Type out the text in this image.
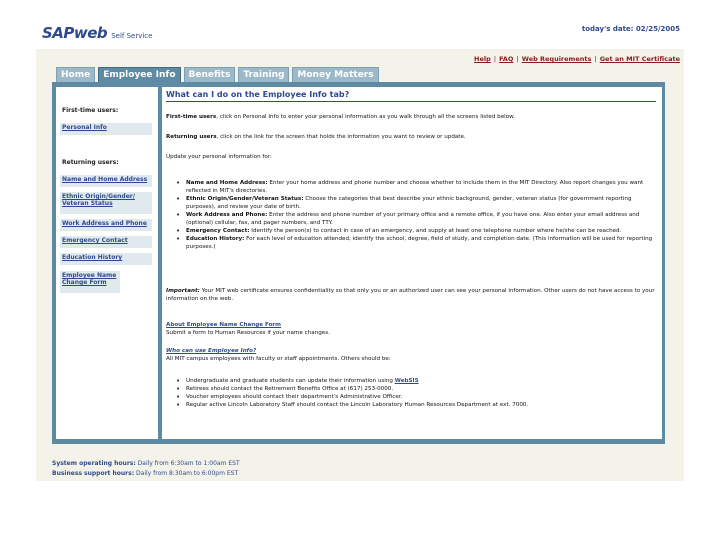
SAP web Self Service
today's date: 02/25/2005
Help | FAQ | Web Requirements | Get an MIT Certificate
Home	Employee Info	Benefits	Training	Money Matters
First-time users:
Personal Info
Returning users:
Name and Home Address
Ethnic Origin/Gender/ Veteran Status
Work Address and Phone
Emergency Contact
Education History
Employee Name Change Form
What can I do on the Employee Info tab?
First-time users, click on Personal Info to enter your personal information as you walk through all the screens listed below.
Returning users, click on the link for the screen that holds the information you want to review or update.
Update your personal information for:
• Name and Home Address: Enter your home address and phone number and choose whether to include them in the MIT Directory. Also report changes you want reflected in MIT's directories.
• Ethnic Origin/Gender/Veteran Status: Choose the categories that best describe your ethnic background, gender, veteran status (for government reporting purposes), and review your date of birth.
• Work Address and Phone: Enter the address and phone number of your primary office and a remote office, if you have one. Also enter your email address and (optional) cellular, fax, and pager numbers, and TTY.
• Emergency Contact: Identify the person(s) to contact in case of an emergency, and supply at least one telephone number where he/she can be reached.
• Education History: For each level of education attended, identify the school, degree, field of study, and completion date. (This information will be used for reporting purposes.)
Important: Your MIT web certificate ensures confidentiality so that only you or an authorized user can see your personal information. Other users do not have access to your information on the web.
About Employee Name Change Form
Submit a form to Human Resources if your name changes.
Who can use Employee Info?
All MIT campus employees with faculty or staff appointments. Others should be:
• Undergraduate and graduate students can update their information using WebSIS
• Retirees should contact the Retirement Benefits Office at (617) 253-0000.
• Voucher employees should contact their department's Administrative Officer.
• Regular active Lincoln Laboratory Staff should contact the Lincoln Laboratory Human Resources Department at ext. 7000.
System operating hours: Daily from 6:30am to 1:00am EST
Business support hours: Daily from 8:30am to 6:00pm EST
